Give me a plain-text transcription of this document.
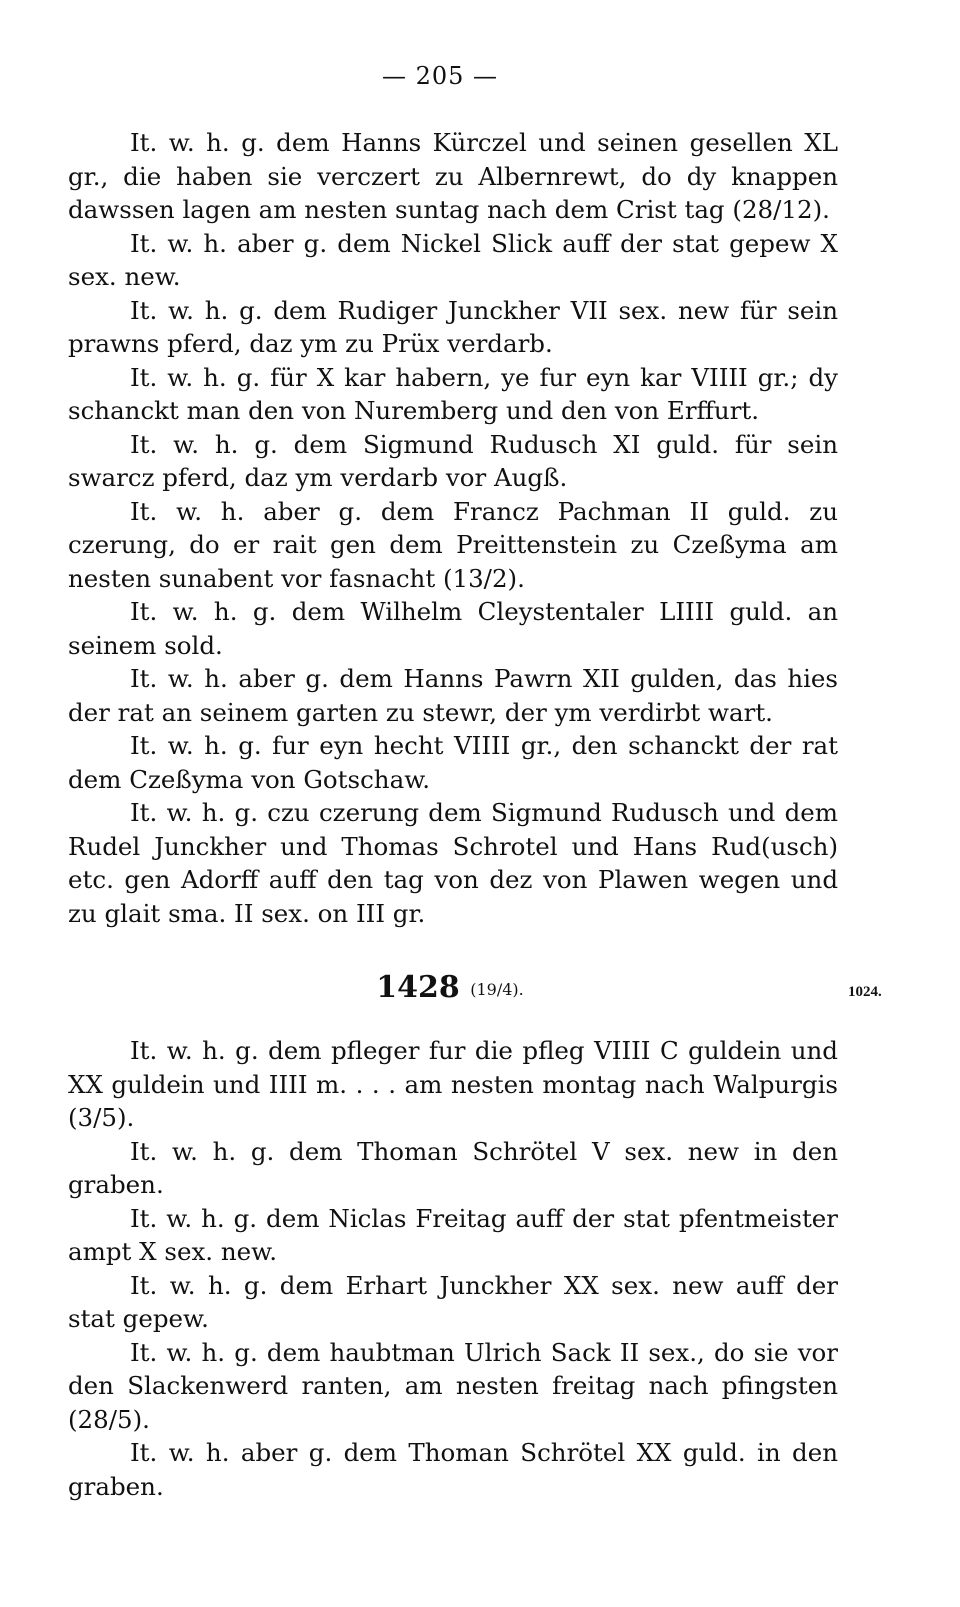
— 205 —

It. w. h. g. dem Hanns Kürczel und seinen gesellen XL gr., die haben sie verczert zu Albernrewt, do dy knappen dawssen lagen am nesten suntag nach dem Crist tag (28/12).

It. w. h. aber g. dem Nickel Slick auff der stat gepew X sex. new.

It. w. h. g. dem Rudiger Junckher VII sex. new für sein prawns pferd, daz ym zu Prüx verdarb.

It. w. h. g. für X kar habern, ye fur eyn kar VIIII gr.; dy schanckt man den von Nuremberg und den von Erffurt.

It. w. h. g. dem Sigmund Rudusch XI guld. für sein swarcz pferd, daz ym verdarb vor Augß.

It. w. h. aber g. dem Francz Pachman II guld. zu czerung, do er rait gen dem Preittenstein zu Czeßyma am nesten sunabent vor fasnacht (13/2).

It. w. h. g. dem Wilhelm Cleystentaler LIIII guld. an seinem sold.

It. w. h. aber g. dem Hanns Pawrn XII gulden, das hies der rat an seinem garten zu stewr, der ym verdirbt wart.

It. w. h. g. fur eyn hecht VIIII gr., den schanckt der rat dem Czeßyma von Gotschaw.

It. w. h. g. czu czerung dem Sigmund Rudusch und dem Rudel Junckher und Thomas Schrotel und Hans Rud(usch) etc. gen Adorff auff den tag von dez von Plawen wegen und zu glait sma. II sex. on III gr.

1428 (19/4).	1024.

It. w. h. g. dem pfleger fur die pfleg VIIII C guldein und XX guldein und IIII m. . . . am nesten montag nach Walpurgis (3/5).

It. w. h. g. dem Thoman Schrötel V sex. new in den graben.

It. w. h. g. dem Niclas Freitag auff der stat pfentmeister ampt X sex. new.

It. w. h. g. dem Erhart Junckher XX sex. new auff der stat gepew.

It. w. h. g. dem haubtman Ulrich Sack II sex., do sie vor den Slackenwerd ranten, am nesten freitag nach pfingsten (28/5).

It. w. h. aber g. dem Thoman Schrötel XX guld. in den graben.
